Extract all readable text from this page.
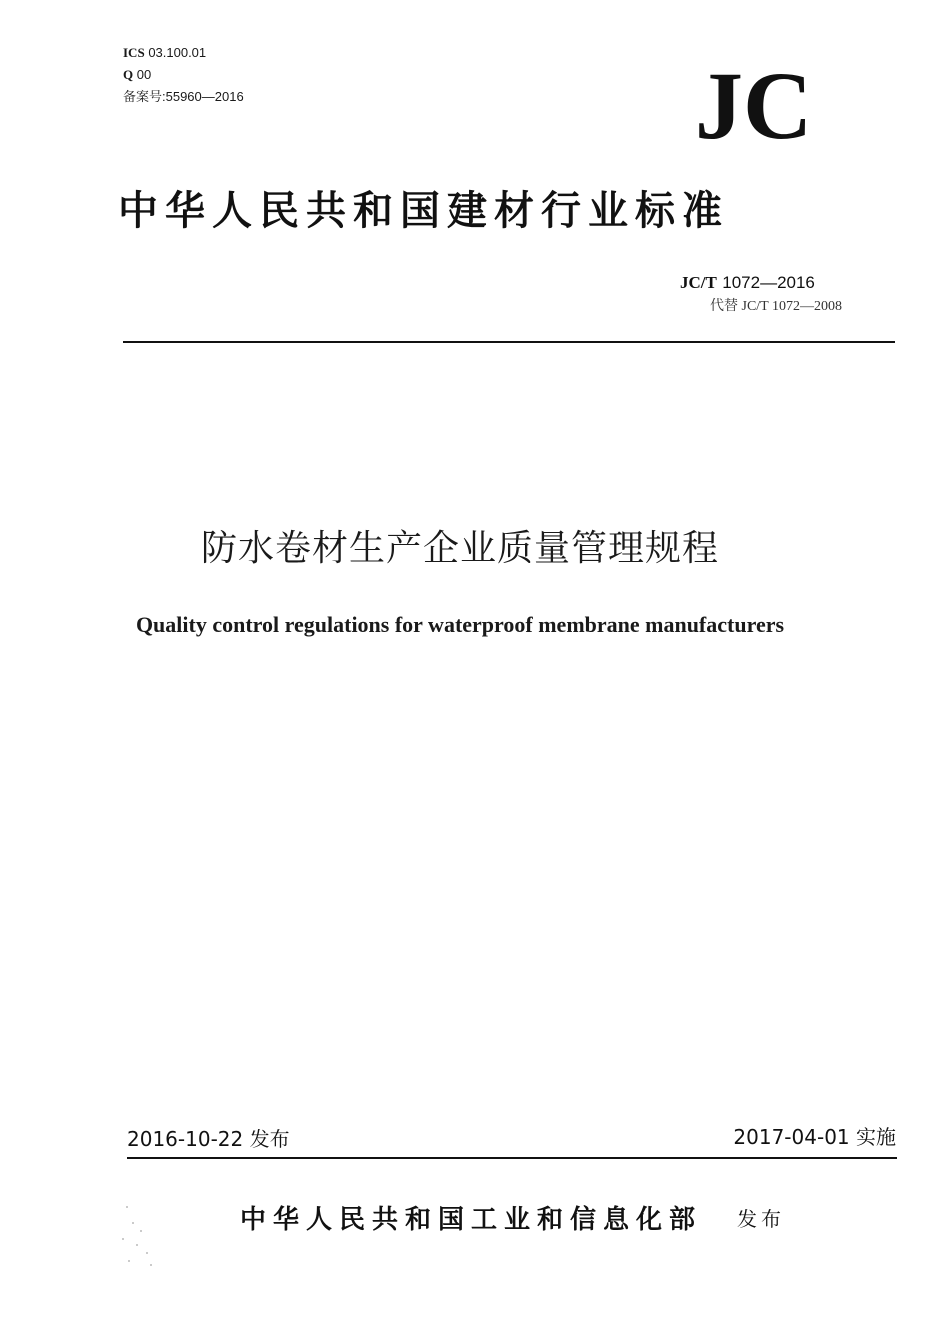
ICS 03.100.01
Q 00
备案号:55960—2016	JC
中华人民共和国建材行业标准
JC/T 1072—2016
代替 JC/T 1072—2008
防水卷材生产企业质量管理规程
Quality control regulations for waterproof membrane manufacturers
2016-10-22 发布	2017-04-01 实施
中华人民共和国工业和信息化部 发布
